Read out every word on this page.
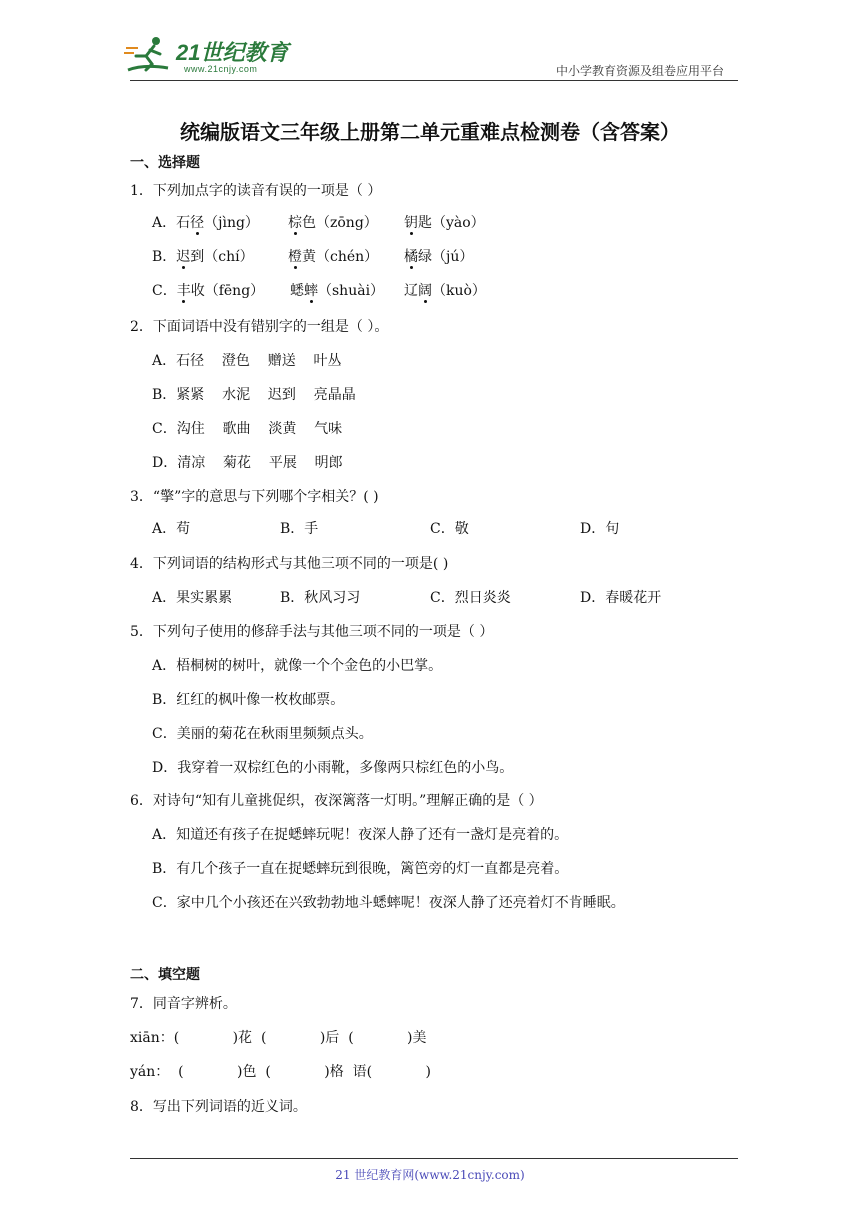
21世纪教育
www.21cnjy.com	中小学教育资源及组卷应用平台
统编版语文三年级上册第二单元重难点检测卷（含答案）
一、选择题
1．下列加点字的读音有误的一项是（ ）
A．石径（jìng） 棕色（zōng） 钥匙（yào）
B．迟到（chí） 橙黄（chén） 橘绿（jú）
C．丰收（fēng） 蟋蟀（shuài） 辽阔（kuò）
2．下面词语中没有错别字的一组是（ ）。
A．石径    澄色    赠送    叶丛
B．紧紧    水泥    迟到    亮晶晶
C．沟住    歌曲    淡黄    气味
D．清凉    菊花    平展    明郎
3．“擎”字的意思与下列哪个字相关？( )
A．苟	B．手	C．敬	D．句
4．下列词语的结构形式与其他三项不同的一项是( )
A．果实累累	B．秋风习习	C．烈日炎炎	D．春暖花开
5．下列句子使用的修辞手法与其他三项不同的一项是（ ）
A．梧桐树的树叶，就像一个个金色的小巴掌。
B．红红的枫叶像一枚枚邮票。
C．美丽的菊花在秋雨里频频点头。
D．我穿着一双棕红色的小雨靴，多像两只棕红色的小鸟。
6．对诗句“知有儿童挑促织，夜深篱落一灯明。”理解正确的是（ ）
A．知道还有孩子在捉蟋蟀玩呢！夜深人静了还有一盏灯是亮着的。
B．有几个孩子一直在捉蟋蟀玩到很晚，篱笆旁的灯一直都是亮着。
C．家中几个小孩还在兴致勃勃地斗蟋蟀呢！夜深人静了还亮着灯不肯睡眠。
二、填空题
7．同音字辨析。
xiān：(            )花  (            )后  (            )美
yán：  (            )色  (            )格  语(            )
8．写出下列词语的近义词。
21 世纪教育网(www.21cnjy.com)
